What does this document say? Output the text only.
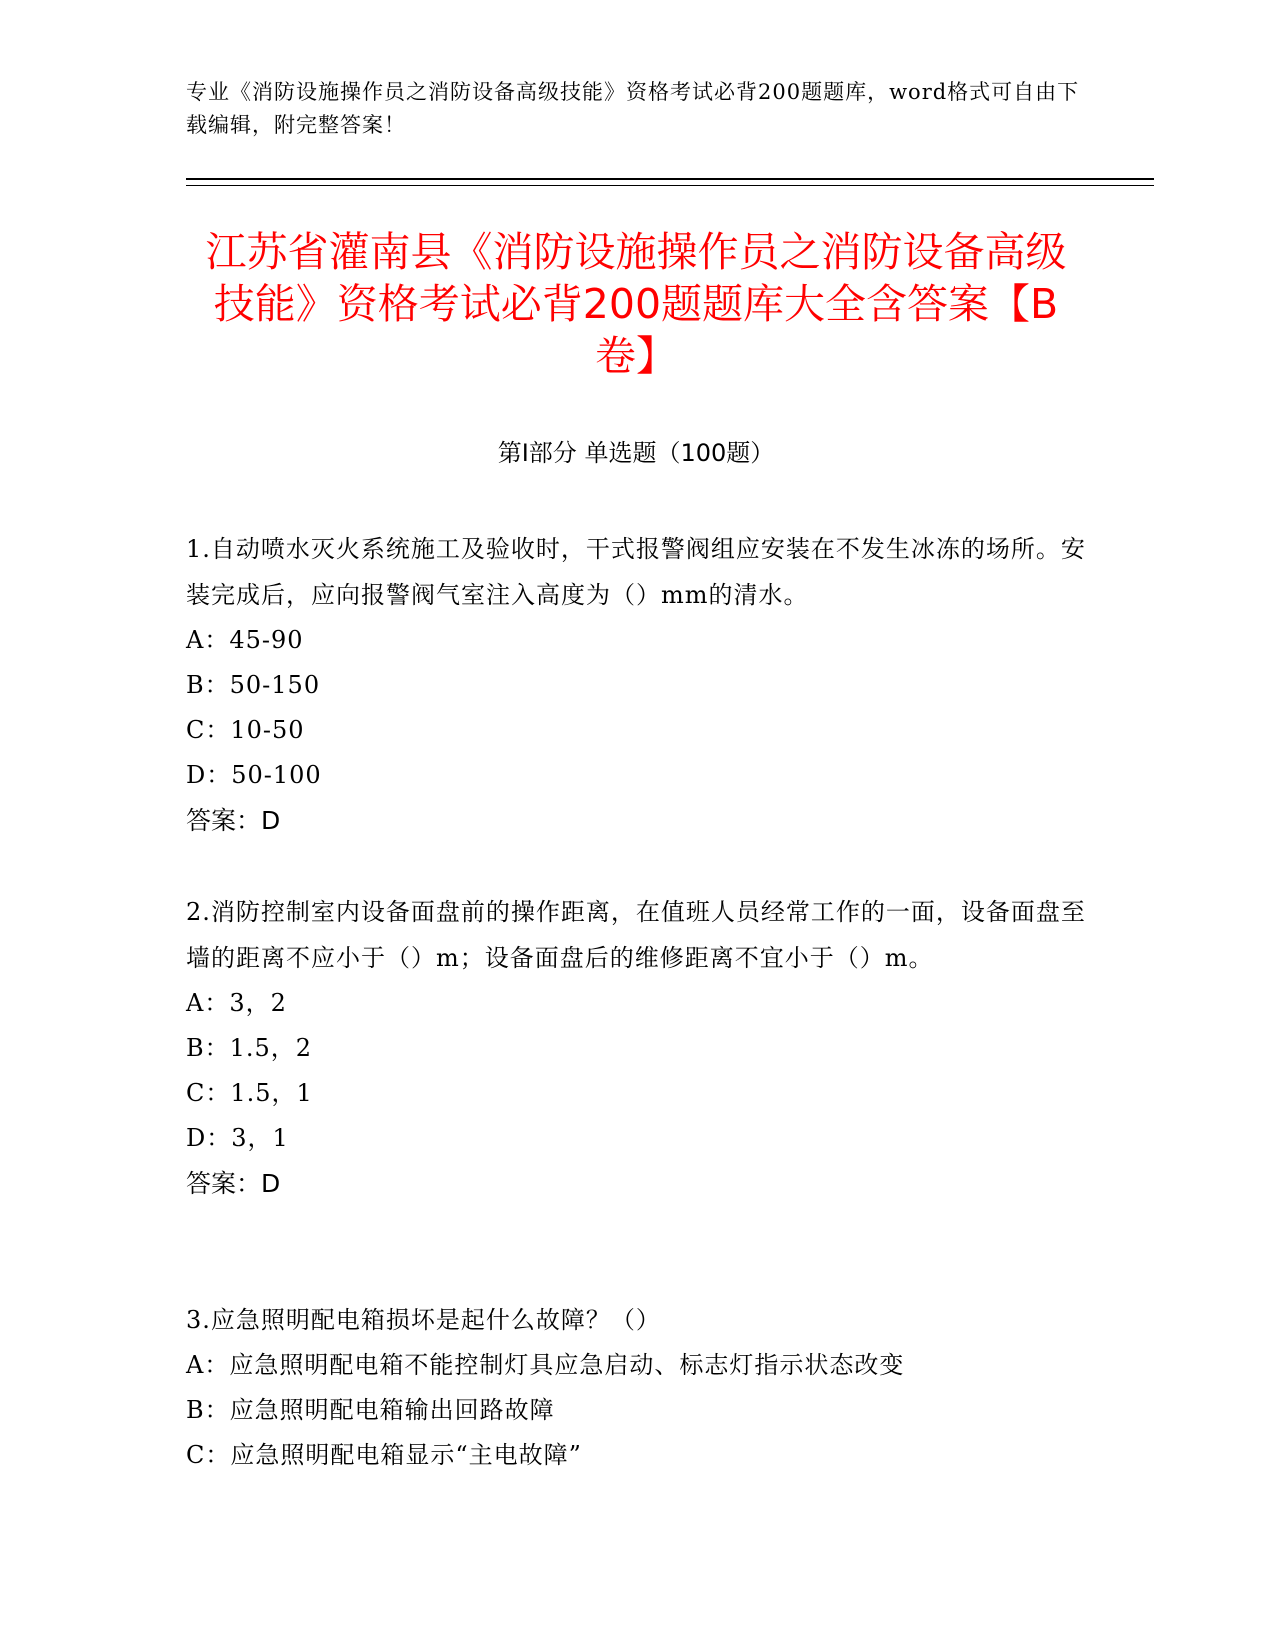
专业《消防设施操作员之消防设备高级技能》资格考试必背200题题库，word格式可自由下载编辑，附完整答案！

江苏省灌南县《消防设施操作员之消防设备高级技能》资格考试必背200题题库大全含答案【B卷】
第I部分 单选题（100题）

1.自动喷水灭火系统施工及验收时，干式报警阀组应安装在不发生冰冻的场所。安装完成后，应向报警阀气室注入高度为（）mm的清水。

A：45-90

B：50-150

C：10-50

D：50-100

答案：D

2.消防控制室内设备面盘前的操作距离，在值班人员经常工作的一面，设备面盘至墙的距离不应小于（）m；设备面盘后的维修距离不宜小于（）m。

A：3，2

B：1.5，2

C：1.5，1

D：3，1

答案：D

3.应急照明配电箱损坏是起什么故障？（）

A：应急照明配电箱不能控制灯具应急启动、标志灯指示状态改变

B：应急照明配电箱输出回路故障

C：应急照明配电箱显示“主电故障”
